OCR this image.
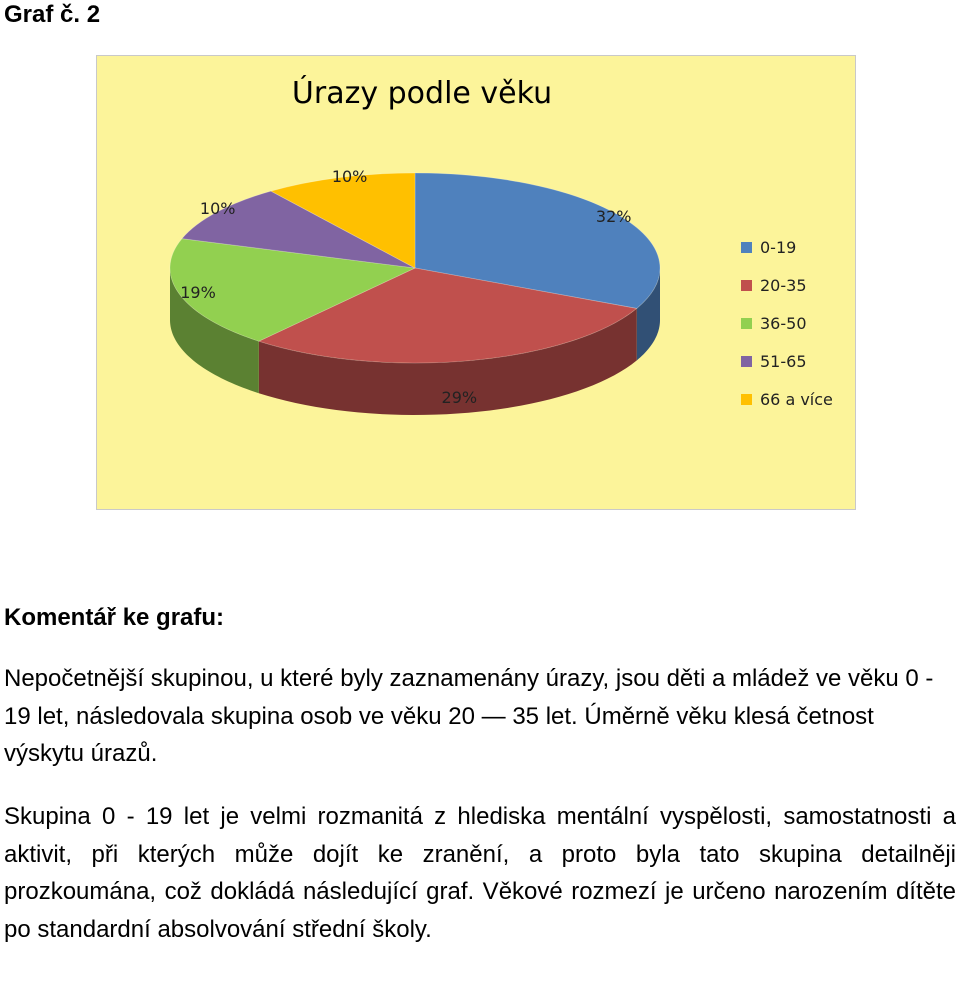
Graf č. 2
32%
29%
19%
10%
10%
Úrazy podle věku
0-19
20-35
36-50
51-65
66 a více
Komentář ke grafu:

Nepočetnější skupinou, u které byly zaznamenány úrazy, jsou děti a mládež ve věku 0 - 19 let, následovala skupina osob ve věku 20 — 35 let. Úměrně věku klesá četnost výskytu úrazů.

Skupina 0 - 19 let je velmi rozmanitá z hlediska mentální vyspělosti, samostatnosti a aktivit, při kterých může dojít ke zranění, a proto byla tato skupina detailněji prozkoumána, což dokládá následující graf. Věkové rozmezí je určeno narozením dítěte po standardní absolvování střední školy.
